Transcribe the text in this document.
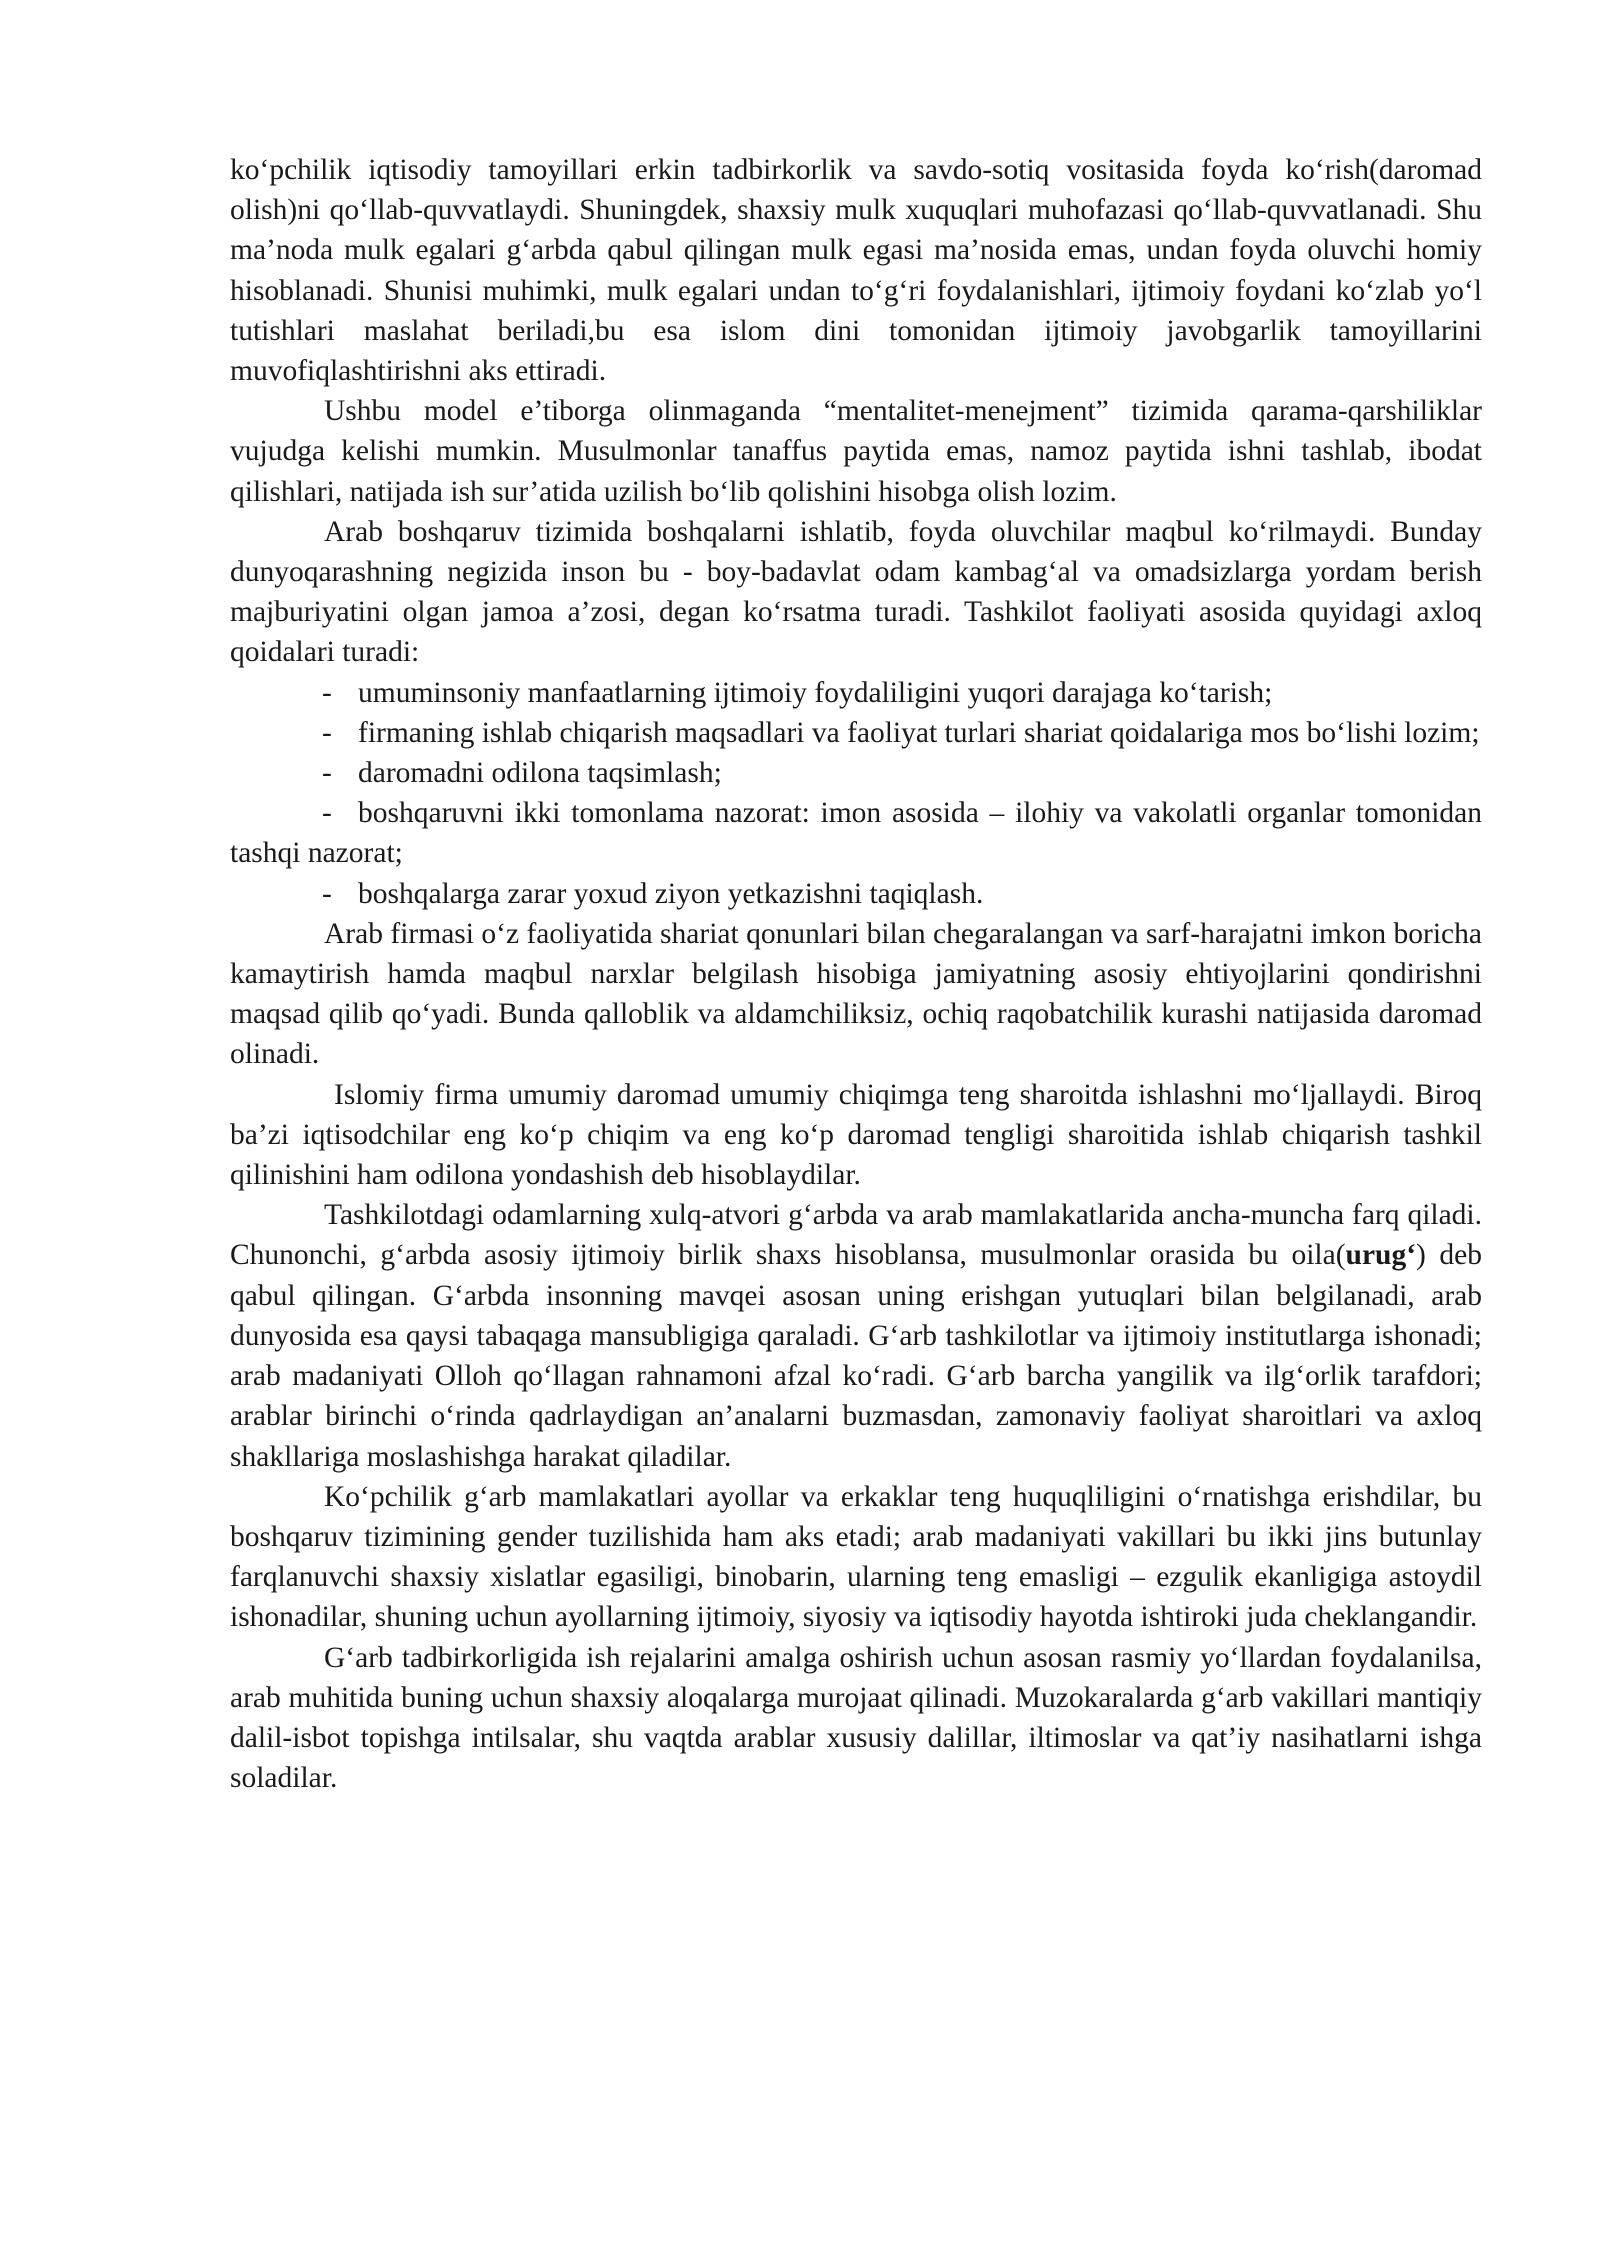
ko‘pchilik iqtisodiy tamoyillari erkin tadbirkorlik va savdo-sotiq vositasida foyda ko‘rish(daromad olish)ni qo‘llab-quvvatlaydi. Shuningdek, shaxsiy mulk xuquqlari muhofazasi qo‘llab-quvvatlanadi. Shu ma’noda mulk egalari g‘arbda qabul qilingan mulk egasi ma’nosida emas, undan foyda oluvchi homiy hisoblanadi. Shunisi muhimki, mulk egalari undan to‘g‘ri foydalanishlari, ijtimoiy foydani ko‘zlab yo‘l tutishlari maslahat beriladi,bu esa islom dini tomonidan ijtimoiy javobgarlik tamoyillarini muvofiqlashtirishni aks ettiradi.

Ushbu model e’tiborga olinmaganda “mentalitet-menejment” tizimida qarama-qarshiliklar vujudga kelishi mumkin. Musulmonlar tanaffus paytida emas, namoz paytida ishni tashlab, ibodat qilishlari, natijada ish sur’atida uzilish bo‘lib qolishini hisobga olish lozim.

Arab boshqaruv tizimida boshqalarni ishlatib, foyda oluvchilar maqbul ko‘rilmaydi. Bunday dunyoqarashning negizida inson bu - boy-badavlat odam kambag‘al va omadsizlarga yordam berish majburiyatini olgan jamoa a’zosi, degan ko‘rsatma turadi. Tashkilot faoliyati asosida quyidagi axloq qoidalari turadi:

- umuminsoniy manfaatlarning ijtimoiy foydaliligini yuqori darajaga ko‘tarish;

- firmaning ishlab chiqarish maqsadlari va faoliyat turlari shariat qoidalariga mos bo‘lishi lozim;

- daromadni odilona taqsimlash;

- boshqaruvni ikki tomonlama nazorat: imon asosida – ilohiy va vakolatli organlar tomonidan tashqi nazorat;

- boshqalarga zarar yoxud ziyon yetkazishni taqiqlash.

Arab firmasi o‘z faoliyatida shariat qonunlari bilan chegaralangan va sarf-harajatni imkon boricha kamaytirish hamda maqbul narxlar belgilash hisobiga jamiyatning asosiy ehtiyojlarini qondirishni maqsad qilib qo‘yadi. Bunda qalloblik va aldamchiliksiz, ochiq raqobatchilik kurashi natijasida daromad olinadi.

Islomiy firma umumiy daromad umumiy chiqimga teng sharoitda ishlashni mo‘ljallaydi. Biroq ba’zi iqtisodchilar eng ko‘p chiqim va eng ko‘p daromad tengligi sharoitida ishlab chiqarish tashkil qilinishini ham odilona yondashish deb hisoblaydilar.

Tashkilotdagi odamlarning xulq-atvori g‘arbda va arab mamlakatlarida ancha-muncha farq qiladi. Chunonchi, g‘arbda asosiy ijtimoiy birlik shaxs hisoblansa, musulmonlar orasida bu oila(urug‘) deb qabul qilingan. G‘arbda insonning mavqei asosan uning erishgan yutuqlari bilan belgilanadi, arab dunyosida esa qaysi tabaqaga mansubligiga qaraladi. G‘arb tashkilotlar va ijtimoiy institutlarga ishonadi; arab madaniyati Olloh qo‘llagan rahnamoni afzal ko‘radi. G‘arb barcha yangilik va ilg‘orlik tarafdori; arablar birinchi o‘rinda qadrlaydigan an’analarni buzmasdan, zamonaviy faoliyat sharoitlari va axloq shakllariga moslashishga harakat qiladilar.

Ko‘pchilik g‘arb mamlakatlari ayollar va erkaklar teng huquqliligini o‘rnatishga erishdilar, bu boshqaruv tizimining gender tuzilishida ham aks etadi; arab madaniyati vakillari bu ikki jins butunlay farqlanuvchi shaxsiy xislatlar egasiligi, binobarin, ularning teng emasligi – ezgulik ekanligiga astoydil ishonadilar, shuning uchun ayollarning ijtimoiy, siyosiy va iqtisodiy hayotda ishtiroki juda cheklangandir.

G‘arb tadbirkorligida ish rejalarini amalga oshirish uchun asosan rasmiy yo‘llardan foydalanilsa, arab muhitida buning uchun shaxsiy aloqalarga murojaat qilinadi. Muzokaralarda g‘arb vakillari mantiqiy dalil-isbot topishga intilsalar, shu vaqtda arablar xususiy dalillar, iltimoslar va qat’iy nasihatlarni ishga soladilar.
